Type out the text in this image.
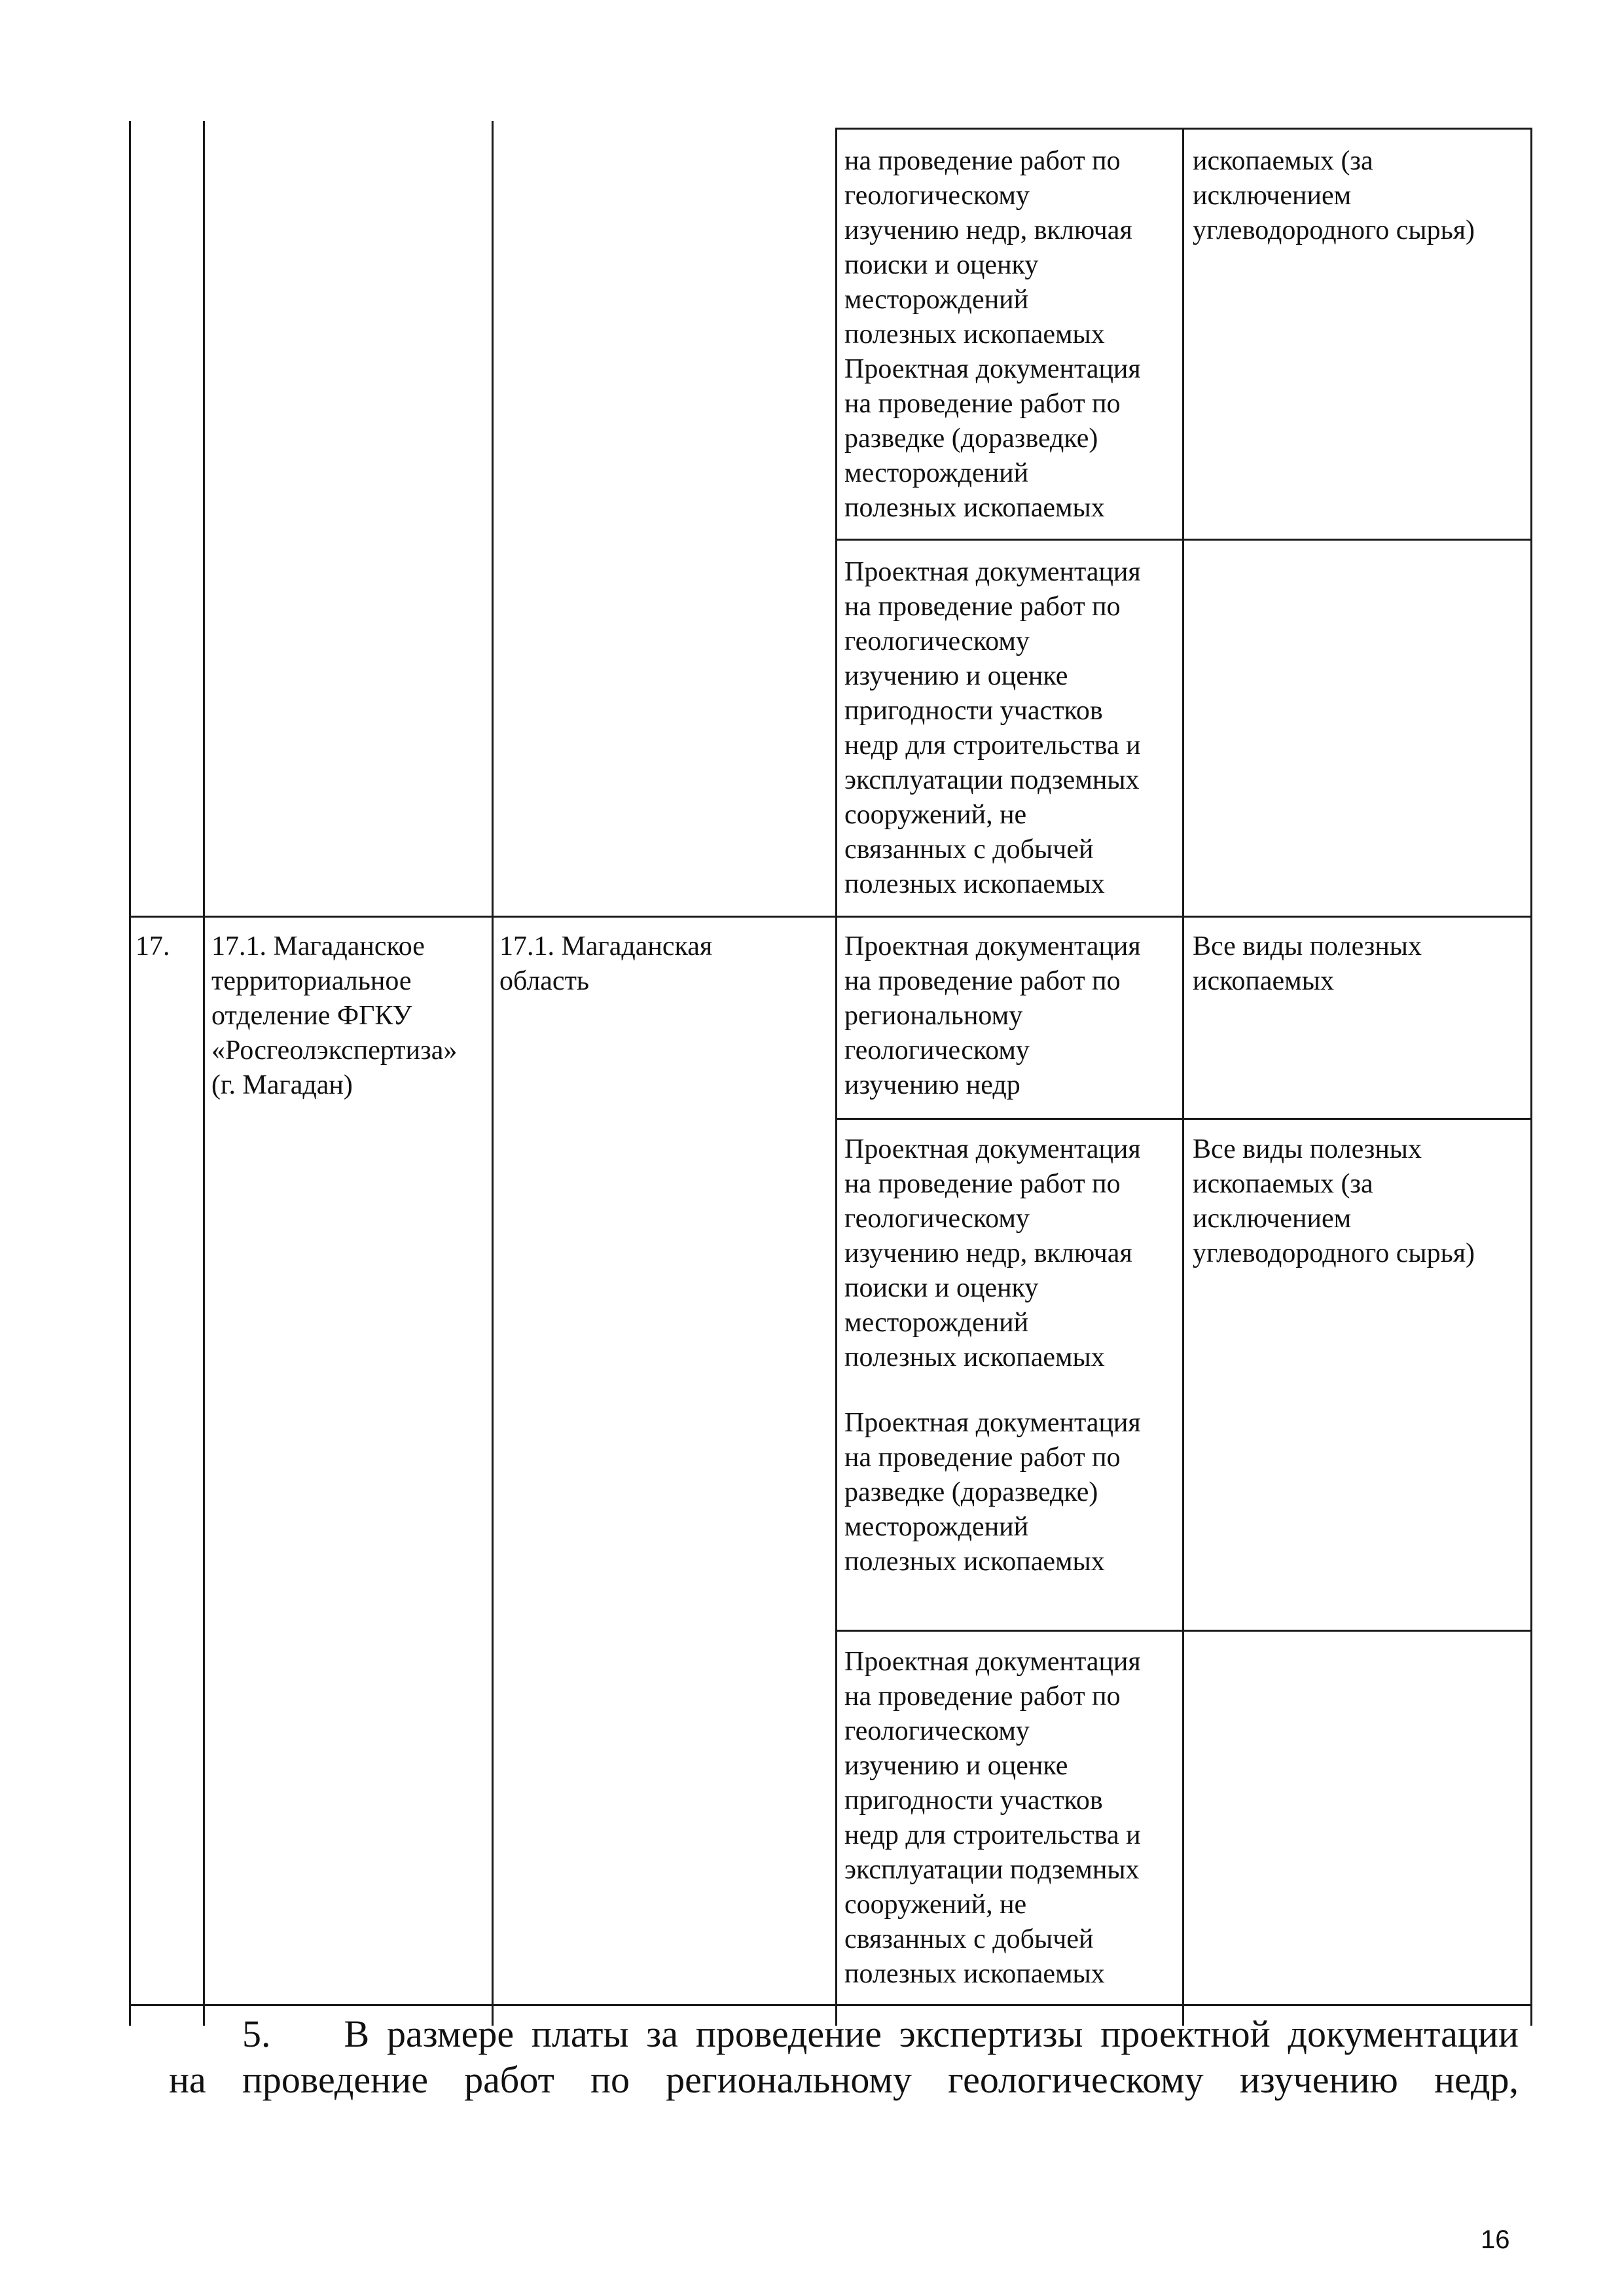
на проведение работ по
геологическому
изучению недр, включая
поиски и оценку
месторождений
полезных ископаемых
Проектная документация
на проведение работ по
разведке (доразведке)
месторождений
полезных ископаемых
ископаемых (за
исключением
углеводородного сырья)
Проектная документация
на проведение работ по
геологическому
изучению и оценке
пригодности участков
недр для строительства и
эксплуатации подземных
сооружений, не
связанных с добычей
полезных ископаемых
17.	17.1. Магаданское
территориальное
отделение ФГКУ
«Росгеолэкспертиза»
(г. Магадан)
17.1. Магаданская
область
Проектная документация
на проведение работ по
региональному
геологическому
изучению недр
Все виды полезных
ископаемых
Проектная документация
на проведение работ по
геологическому
изучению недр, включая
поиски и оценку
месторождений
полезных ископаемых
Проектная документация
на проведение работ по
разведке (доразведке)
месторождений
полезных ископаемых
Все виды полезных
ископаемых (за
исключением
углеводородного сырья)
Проектная документация
на проведение работ по
геологическому
изучению и оценке
пригодности участков
недр для строительства и
эксплуатации подземных
сооружений, не
связанных с добычей
полезных ископаемых
5. В размере платы за проведение экспертизы проектной документации
на проведение работ по региональному геологическому изучению недр,
16
